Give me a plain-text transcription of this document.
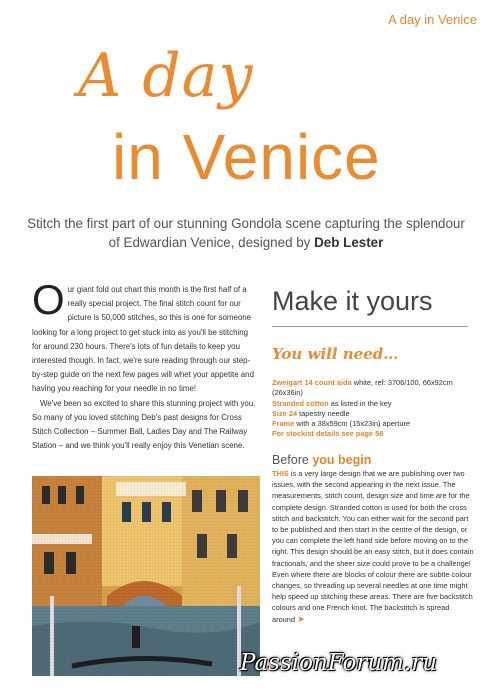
A day in Venice
A day
in Venice
Stitch the first part of our stunning Gondola scene capturing the splendour of Edwardian Venice, designed by Deb Lester
O ur giant fold out chart this month is the first half of a really special project. The final stitch count for our picture is 50,000 stitches, so this is one for someone looking for a long project to get stuck into as you'll be stitching for around 230 hours. There's lots of fun details to keep you interested though. In fact, we're sure reading through our step-by-step guide on the next few pages will whet your appetite and having you reaching for your needle in no time!

We've been so excited to share this stunning project with you. So many of you loved stitching Deb's past designs for Cross Stitch Collection – Summer Ball, Ladies Day and The Railway Station – and we think you'll really enjoy this Venetian scene.

Make it yours
You will need…
Zweigart 14 count aida white, ref: 3706/100, 66x92cm (26x36in)
Stranded cotton as listed in the key
Size 24 tapestry needle
Frame with a 38x59cm (15x23in) aperture
For stockist details see page 58
Before you begin
THIS is a very large design that we are publishing over two issues, with the second appearing in the next issue. The measurements, stitch count, design size and time are for the complete design. Stranded cotton is used for both the cross stitch and backstitch. You can either wait for the second part to be published and then start in the centre of the design, or you can complete the left hand side before moving on to the right. This design should be an easy stitch, but it does contain fractionals, and the sheer size could prove to be a challenge! Even where there are blocks of colour there are subtle colour changes, so threading up several needles at one time might help speed up stitching these areas. There are five backstitch colours and one French knot. The backstitch is spread around ➤
PassionForum.ru
